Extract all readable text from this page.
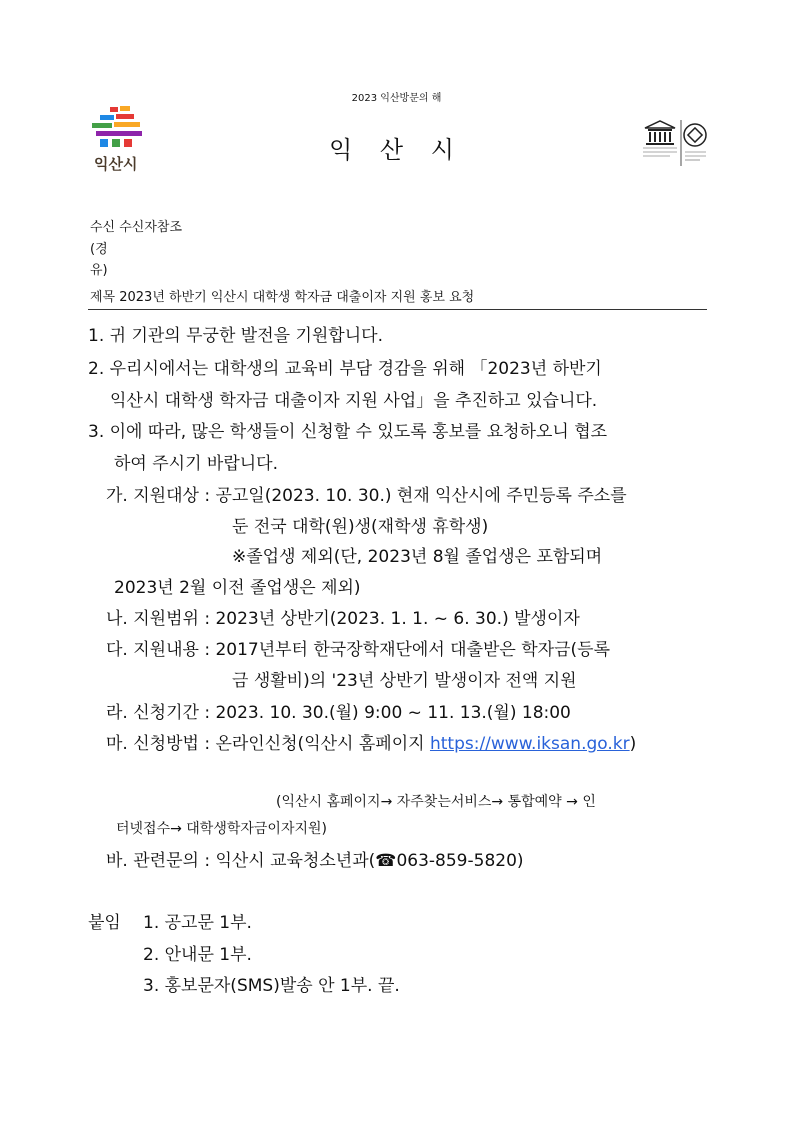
2023 익산방문의 해
익산시	익 산 시
수신 수신자참조
(경
유)
제목 2023년 하반기 익산시 대학생 학자금 대출이자 지원 홍보 요청
1. 귀 기관의 무궁한 발전을 기원합니다.
2. 우리시에서는 대학생의 교육비 부담 경감을 위해 「2023년 하반기
익산시 대학생 학자금 대출이자 지원 사업」을 추진하고 있습니다.
3. 이에 따라, 많은 학생들이 신청할 수 있도록 홍보를 요청하오니 협조
하여 주시기 바랍니다.
가. 지원대상 : 공고일(2023. 10. 30.) 현재 익산시에 주민등록 주소를
둔 전국 대학(원)생(재학생 휴학생)
※졸업생 제외(단, 2023년 8월 졸업생은 포함되며
2023년 2월 이전 졸업생은 제외)
나. 지원범위 : 2023년 상반기(2023. 1. 1. ~ 6. 30.) 발생이자
다. 지원내용 : 2017년부터 한국장학재단에서 대출받은 학자금(등록
금 생활비)의 '23년 상반기 발생이자 전액 지원
라. 신청기간 : 2023. 10. 30.(월) 9:00 ~ 11. 13.(월) 18:00
마. 신청방법 : 온라인신청(익산시 홈페이지 https://www.iksan.go.kr)
(익산시 홈페이지→ 자주찾는서비스→ 통합예약 → 인
터넷접수→ 대학생학자금이자지원)
바. 관련문의 : 익산시 교육청소년과(☎063-859-5820)
붙임 1. 공고문 1부.
2. 안내문 1부.
3. 홍보문자(SMS)발송 안 1부. 끝.
